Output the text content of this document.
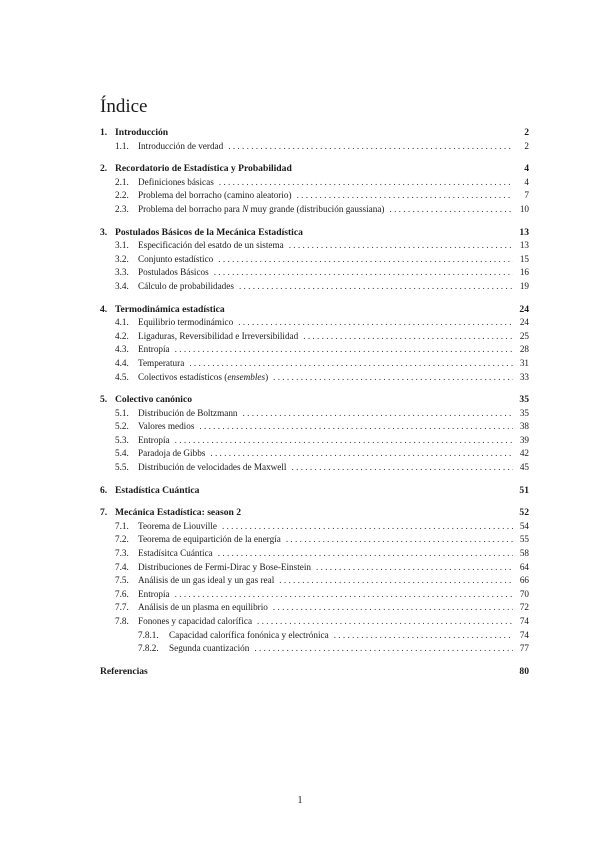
Índice
1. Introducción	2
1.1.	Introducción de verdad . . .	2
2. Recordatorio de Estadística y Probabilidad	4
2.1.	Definiciones básicas . . .	4
2.2.	Problema del borracho (camino aleatorio) . . .	7
2.3.	Problema del borracho para N muy grande (distribución gaussiana) . . .	10
3. Postulados Básicos de la Mecánica Estadística	13
3.1.	Especificación del esatdo de un sistema . . .	13
3.2.	Conjunto estadístico . . .	15
3.3.	Postulados Básicos . . .	16
3.4.	Cálculo de probabilidades . . .	19
4. Termodinámica estadística	24
4.1.	Equilibrio termodinámico . . .	24
4.2.	Ligaduras, Reversibilidad e Irreversibilidad . . .	25
4.3.	Entropía . . .	28
4.4.	Temperatura . . .	31
4.5.	Colectivos estadísticos (ensembles) . . .	33
5. Colectivo canónico	35
5.1.	Distribución de Boltzmann . . .	35
5.2.	Valores medios . . .	38
5.3.	Entropía . . .	39
5.4.	Paradoja de Gibbs . . .	42
5.5.	Distribución de velocidades de Maxwell . . .	45
6. Estadística Cuántica	51
7. Mecánica Estadística: season 2	52
7.1.	Teorema de Liouville . . .	54
7.2.	Teorema de equipartición de la energía . . .	55
7.3.	Estadísitca Cuántica . . .	58
7.4.	Distribuciones de Fermi-Dirac y Bose-Einstein . . .	64
7.5.	Análisis de un gas ideal y un gas real . . .	66
7.6.	Entropía . . .	70
7.7.	Análisis de un plasma en equilibrio . . .	72
7.8.	Fonones y capacidad calorífica . . .	74
7.8.1.	Capacidad calorífica fonónica y electrónica . . .	74
7.8.2.	Segunda cuantización . . .	77
Referencias	80
1
